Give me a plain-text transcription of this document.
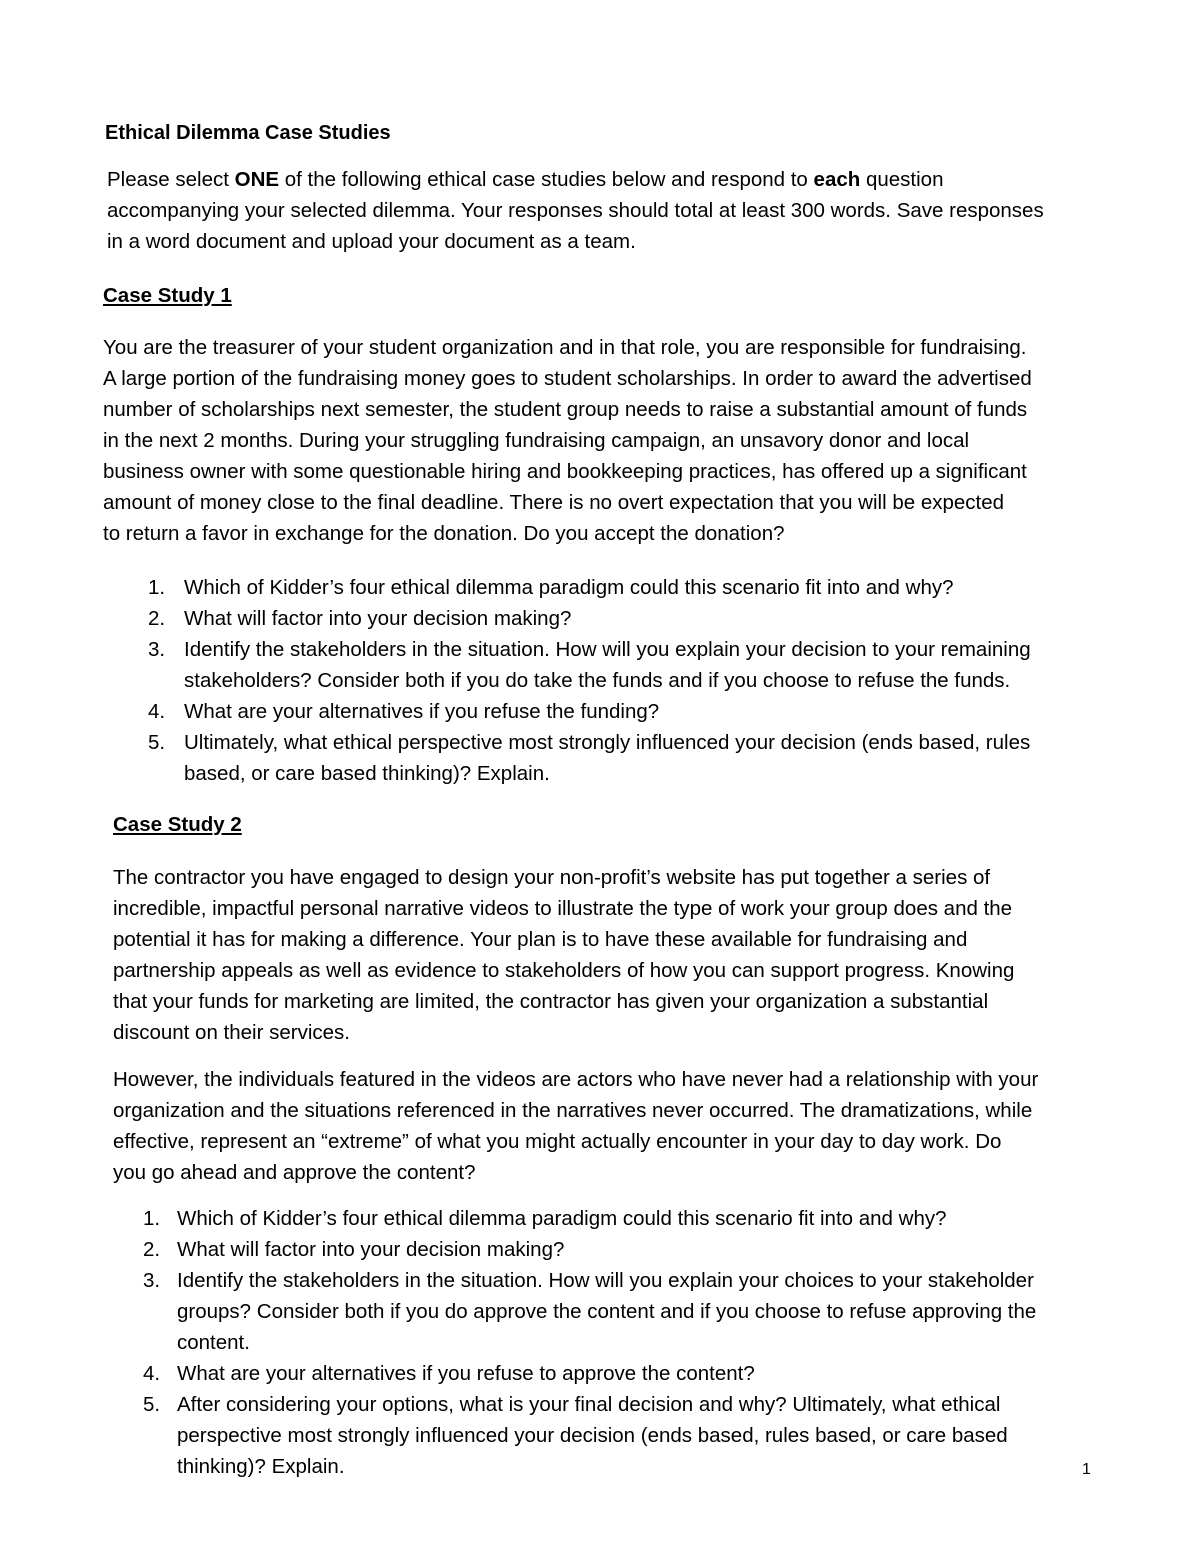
Ethical Dilemma Case Studies
Please select ONE of the following ethical case studies below and respond to each question
accompanying your selected dilemma. Your responses should total at least 300 words. Save responses
in a word document and upload your document as a team.
Case Study 1
You are the treasurer of your student organization and in that role, you are responsible for fundraising.
A large portion of the fundraising money goes to student scholarships. In order to award the advertised
number of scholarships next semester, the student group needs to raise a substantial amount of funds
in the next 2 months. During your struggling fundraising campaign, an unsavory donor and local
business owner with some questionable hiring and bookkeeping practices, has offered up a significant
amount of money close to the final deadline. There is no overt expectation that you will be expected
to return a favor in exchange for the donation. Do you accept the donation?
1. Which of Kidder’s four ethical dilemma paradigm could this scenario fit into and why?
2. What will factor into your decision making?
3. Identify the stakeholders in the situation. How will you explain your decision to your remaining
stakeholders? Consider both if you do take the funds and if you choose to refuse the funds.
4. What are your alternatives if you refuse the funding?
5. Ultimately, what ethical perspective most strongly influenced your decision (ends based, rules
based, or care based thinking)? Explain.
Case Study 2
The contractor you have engaged to design your non-profit’s website has put together a series of
incredible, impactful personal narrative videos to illustrate the type of work your group does and the
potential it has for making a difference. Your plan is to have these available for fundraising and
partnership appeals as well as evidence to stakeholders of how you can support progress. Knowing
that your funds for marketing are limited, the contractor has given your organization a substantial
discount on their services.
However, the individuals featured in the videos are actors who have never had a relationship with your
organization and the situations referenced in the narratives never occurred. The dramatizations, while
effective, represent an “extreme” of what you might actually encounter in your day to day work. Do
you go ahead and approve the content?
1. Which of Kidder’s four ethical dilemma paradigm could this scenario fit into and why?
2. What will factor into your decision making?
3. Identify the stakeholders in the situation. How will you explain your choices to your stakeholder
groups? Consider both if you do approve the content and if you choose to refuse approving the
content.
4. What are your alternatives if you refuse to approve the content?
5. After considering your options, what is your final decision and why? Ultimately, what ethical
perspective most strongly influenced your decision (ends based, rules based, or care based
thinking)? Explain.	1
